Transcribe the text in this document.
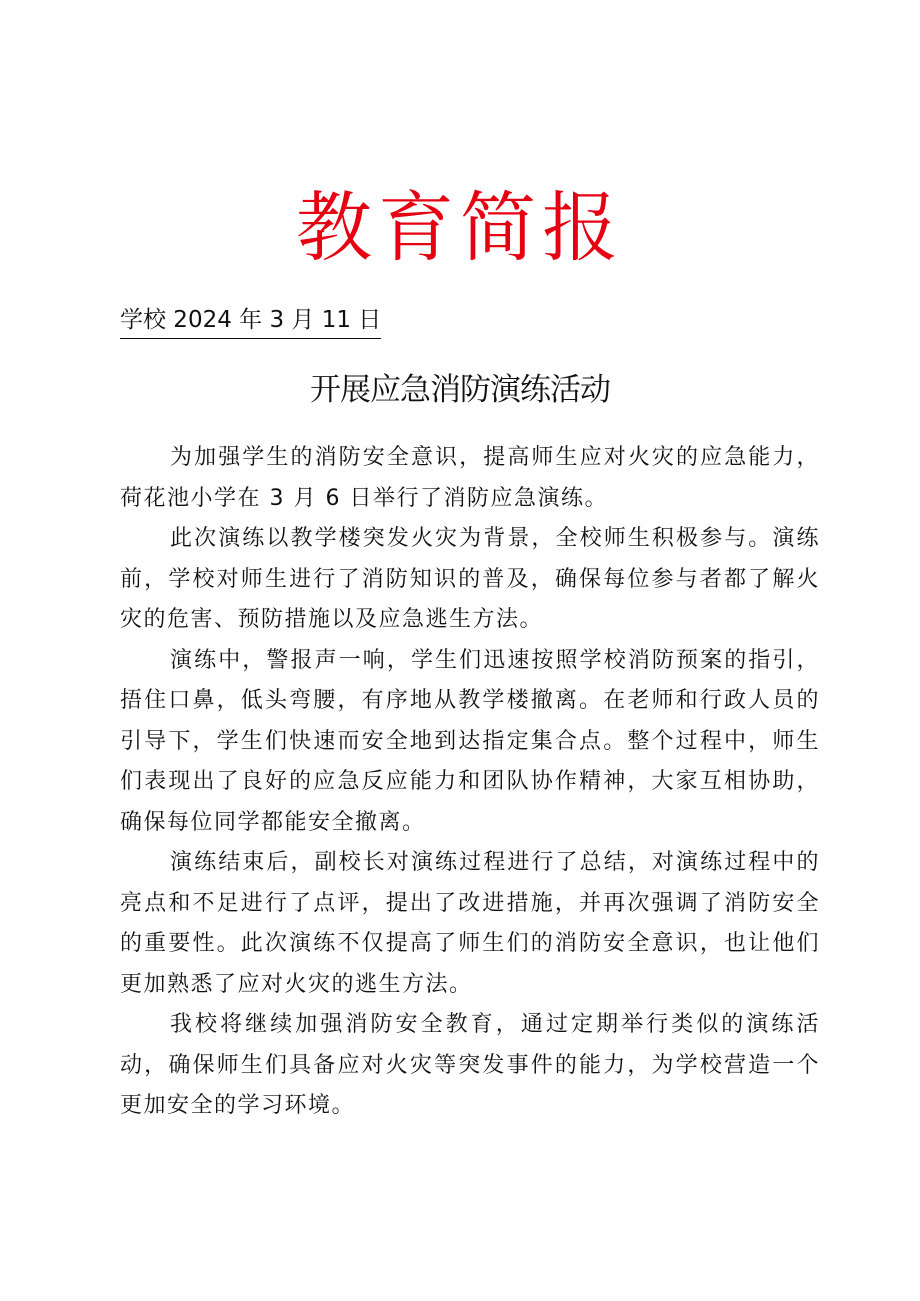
教育简报
学校 2024 年 3 月 11 日
开展应急消防演练活动

为加强学生的消防安全意识，提高师生应对火灾的应急能力，荷花池小学在 3 月 6 日举行了消防应急演练。

此次演练以教学楼突发火灾为背景，全校师生积极参与。演练前，学校对师生进行了消防知识的普及，确保每位参与者都了解火灾的危害、预防措施以及应急逃生方法。

演练中，警报声一响，学生们迅速按照学校消防预案的指引，捂住口鼻，低头弯腰，有序地从教学楼撤离。在老师和行政人员的引导下，学生们快速而安全地到达指定集合点。整个过程中，师生们表现出了良好的应急反应能力和团队协作精神，大家互相协助，确保每位同学都能安全撤离。

演练结束后，副校长对演练过程进行了总结，对演练过程中的亮点和不足进行了点评，提出了改进措施，并再次强调了消防安全的重要性。此次演练不仅提高了师生们的消防安全意识，也让他们更加熟悉了应对火灾的逃生方法。

我校将继续加强消防安全教育，通过定期举行类似的演练活动，确保师生们具备应对火灾等突发事件的能力，为学校营造一个更加安全的学习环境。
